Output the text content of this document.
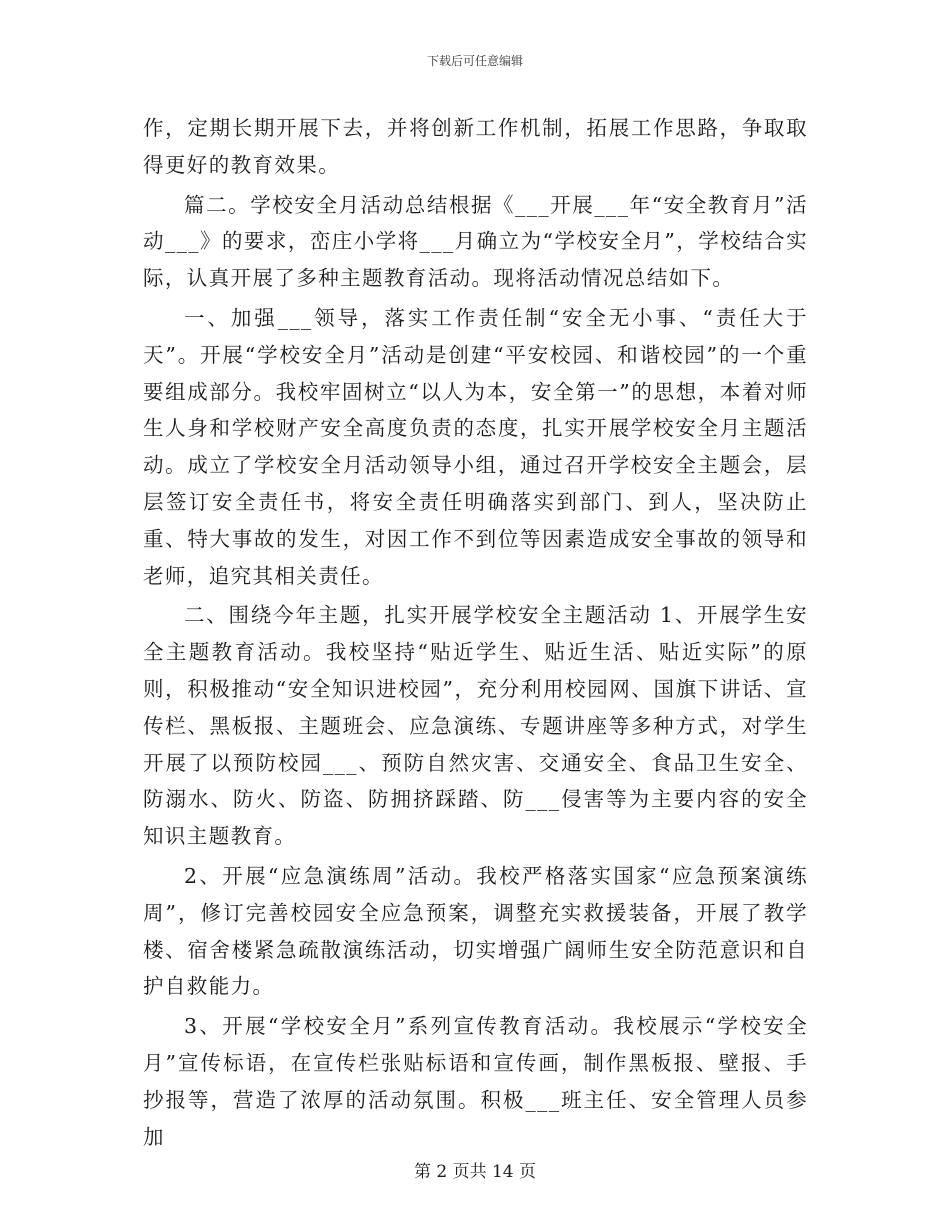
下载后可任意编辑

作，定期长期开展下去，并将创新工作机制，拓展工作思路，争取取得更好的教育效果。

篇二。学校安全月活动总结根据《___开展___年“安全教育月”活动___》的要求，峦庄小学将___月确立为“学校安全月”，学校结合实际，认真开展了多种主题教育活动。现将活动情况总结如下。

一、加强___领导，落实工作责任制“安全无小事、“责任大于天”。开展“学校安全月”活动是创建“平安校园、和谐校园”的一个重要组成部分。我校牢固树立“以人为本，安全第一”的思想，本着对师生人身和学校财产安全高度负责的态度，扎实开展学校安全月主题活动。成立了学校安全月活动领导小组，通过召开学校安全主题会，层层签订安全责任书，将安全责任明确落实到部门、到人，坚决防止重、特大事故的发生，对因工作不到位等因素造成安全事故的领导和老师，追究其相关责任。

二、围绕今年主题，扎实开展学校安全主题活动 1、开展学生安全主题教育活动。我校坚持“贴近学生、贴近生活、贴近实际”的原则，积极推动“安全知识进校园”，充分利用校园网、国旗下讲话、宣传栏、黑板报、主题班会、应急演练、专题讲座等多种方式，对学生开展了以预防校园___、预防自然灾害、交通安全、食品卫生安全、防溺水、防火、防盗、防拥挤踩踏、防___侵害等为主要内容的安全知识主题教育。

2、开展“应急演练周”活动。我校严格落实国家“应急预案演练周”，修订完善校园安全应急预案，调整充实救援装备，开展了教学楼、宿舍楼紧急疏散演练活动，切实增强广阔师生安全防范意识和自护自救能力。

3、开展“学校安全月”系列宣传教育活动。我校展示“学校安全月”宣传标语，在宣传栏张贴标语和宣传画，制作黑板报、壁报、手抄报等，营造了浓厚的活动氛围。积极___班主任、安全管理人员参加

第 2 页共 14 页
